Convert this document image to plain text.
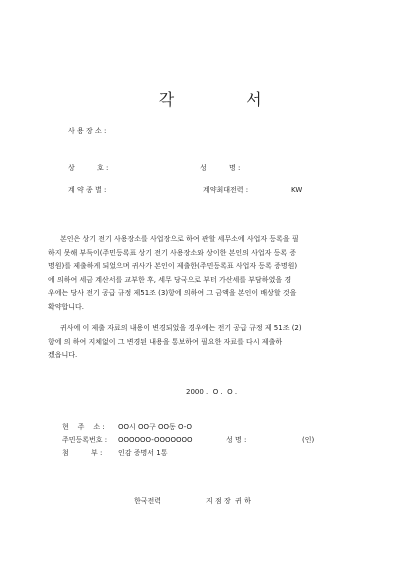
각	서

사 용 장 소 :
상          호 :	성          명 :
계 약 종 별 :	계약최대전력 :	KW
본인은 상기 전기 사용장소를 사업장으로 하여 관할 세무소에 사업자 등록을 필
하지 못해 부득이(주민등록표 상기 전기 사용장소와 상이한 본인의 사업자 등록 증
명원)를 제출하게 되었으며 귀사가 본인이 제출한(주민등록표 사업자 등록 증명원)
에 의하여 세금 계산서를 교부한 후, 세무 당국으로 부터 가산세를 부담하였을 경
우에는 당사 전기 공급 규정 제51조 (3)항에 의하여 그 금액을 본인이 배상할 것을
확약합니다.
귀사에 이 제출 자료의 내용이 변경되었을 경우에는 전기 공급 규정 제 51조 (2)
항에 의 하여 지체없이 그 변경된 내용을 통보하여 필요한 자료를 다시 제출하
겠읍니다.
2000 .  O .  O .
현    주    소 : OO시 OO구 OO동 O-O
주민등록번호 : OOOOOO-OOOOOOO	성 명 :	(인)
첨          부 : 인감 증명서 1통
한국전력	지 점 장  귀 하
